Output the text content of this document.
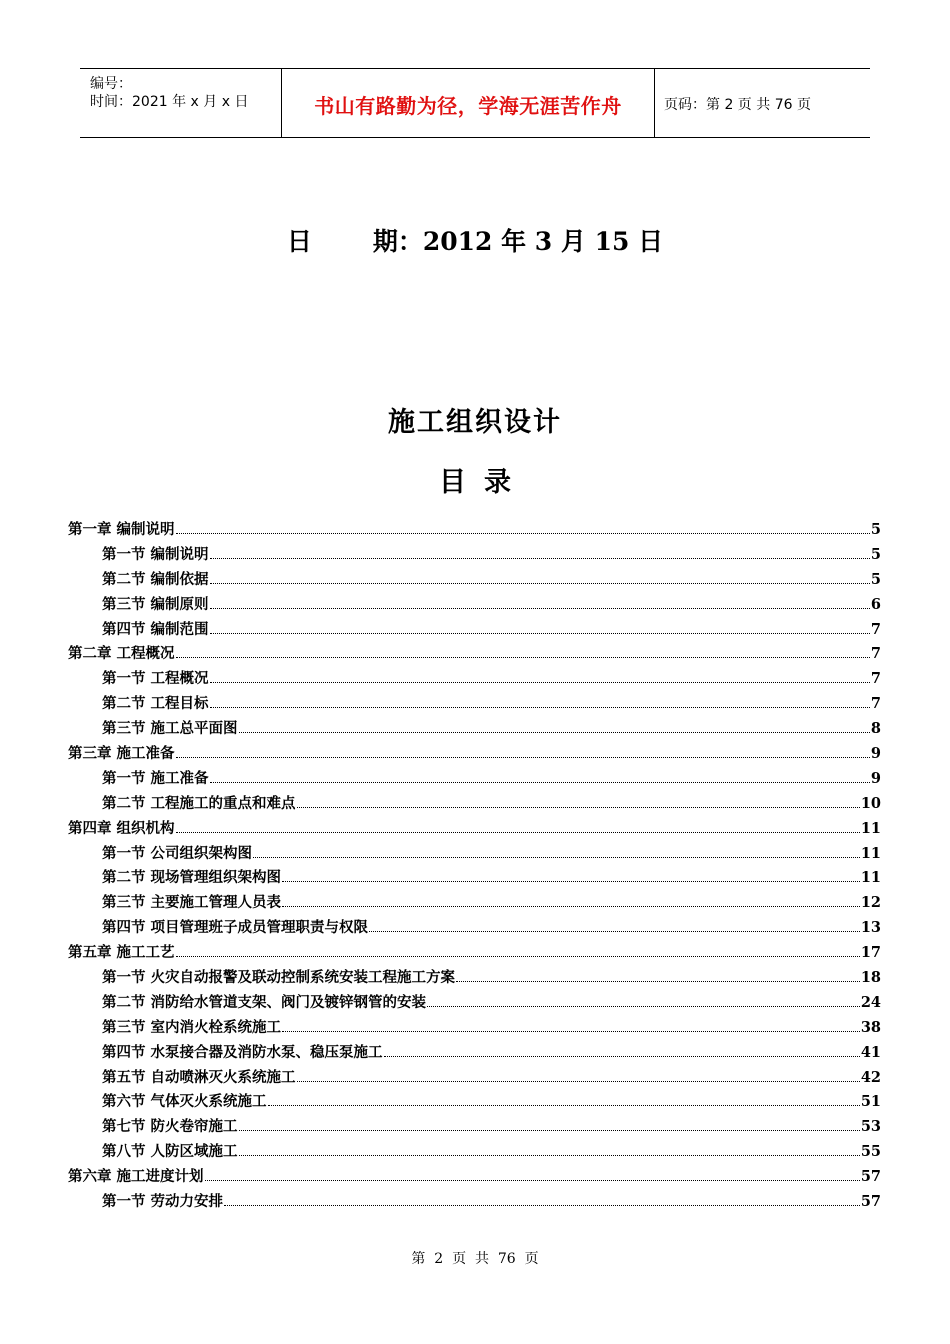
编号：
时间：2021 年 x 月 x 日	书山有路勤为径，学海无涯苦作舟	页码：第 2 页 共 76 页
日       期：2012 年 3 月 15 日
施工组织设计
目录
第一章 编制说明	5
第一节 编制说明	5
第二节 编制依据	5
第三节 编制原则	6
第四节 编制范围	7
第二章 工程概况	7
第一节 工程概况	7
第二节 工程目标	7
第三节 施工总平面图	8
第三章 施工准备	9
第一节 施工准备	9
第二节 工程施工的重点和难点	10
第四章 组织机构	11
第一节 公司组织架构图	11
第二节 现场管理组织架构图	11
第三节 主要施工管理人员表	12
第四节 项目管理班子成员管理职责与权限	13
第五章 施工工艺	17
第一节 火灾自动报警及联动控制系统安装工程施工方案	18
第二节 消防给水管道支架、阀门及镀锌钢管的安装	24
第三节 室内消火栓系统施工	38
第四节 水泵接合器及消防水泵、稳压泵施工	41
第五节 自动喷淋灭火系统施工	42
第六节 气体灭火系统施工	51
第七节 防火卷帘施工	53
第八节 人防区域施工	55
第六章 施工进度计划	57
第一节 劳动力安排	57
第  2  页  共  76  页
